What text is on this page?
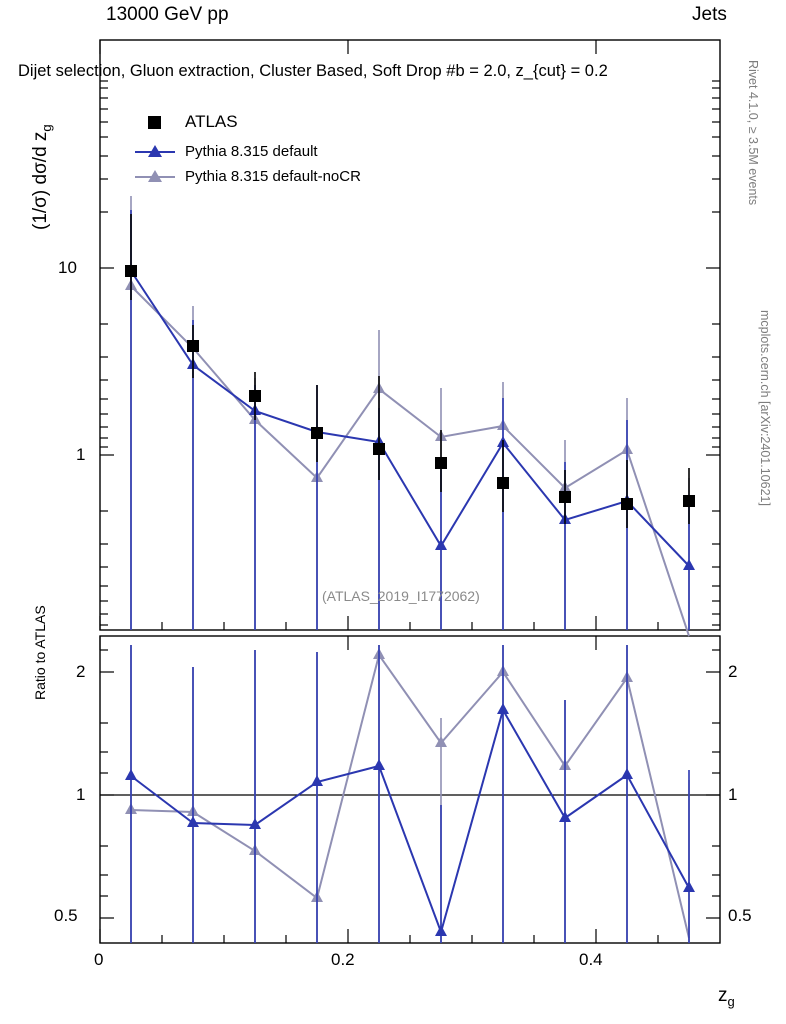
13000 GeV pp	Jets
Dijet selection, Gluon extraction, Cluster Based, Soft Drop #b = 2.0, z_{cut} = 0.2
(1/σ) dσ/d $z_g$	Rivet 4.1.0, ≥ 3.5M events
mcplots.cern.ch [arXiv:2401.10621]
Ratio to ATLAS
$z_g$
10
1
2
1
0.5
2
1
0.5
0	0.2	0.4
ATLAS
Pythia 8.315 default
Pythia 8.315 default-noCR
(ATLAS_2019_I1772062)
